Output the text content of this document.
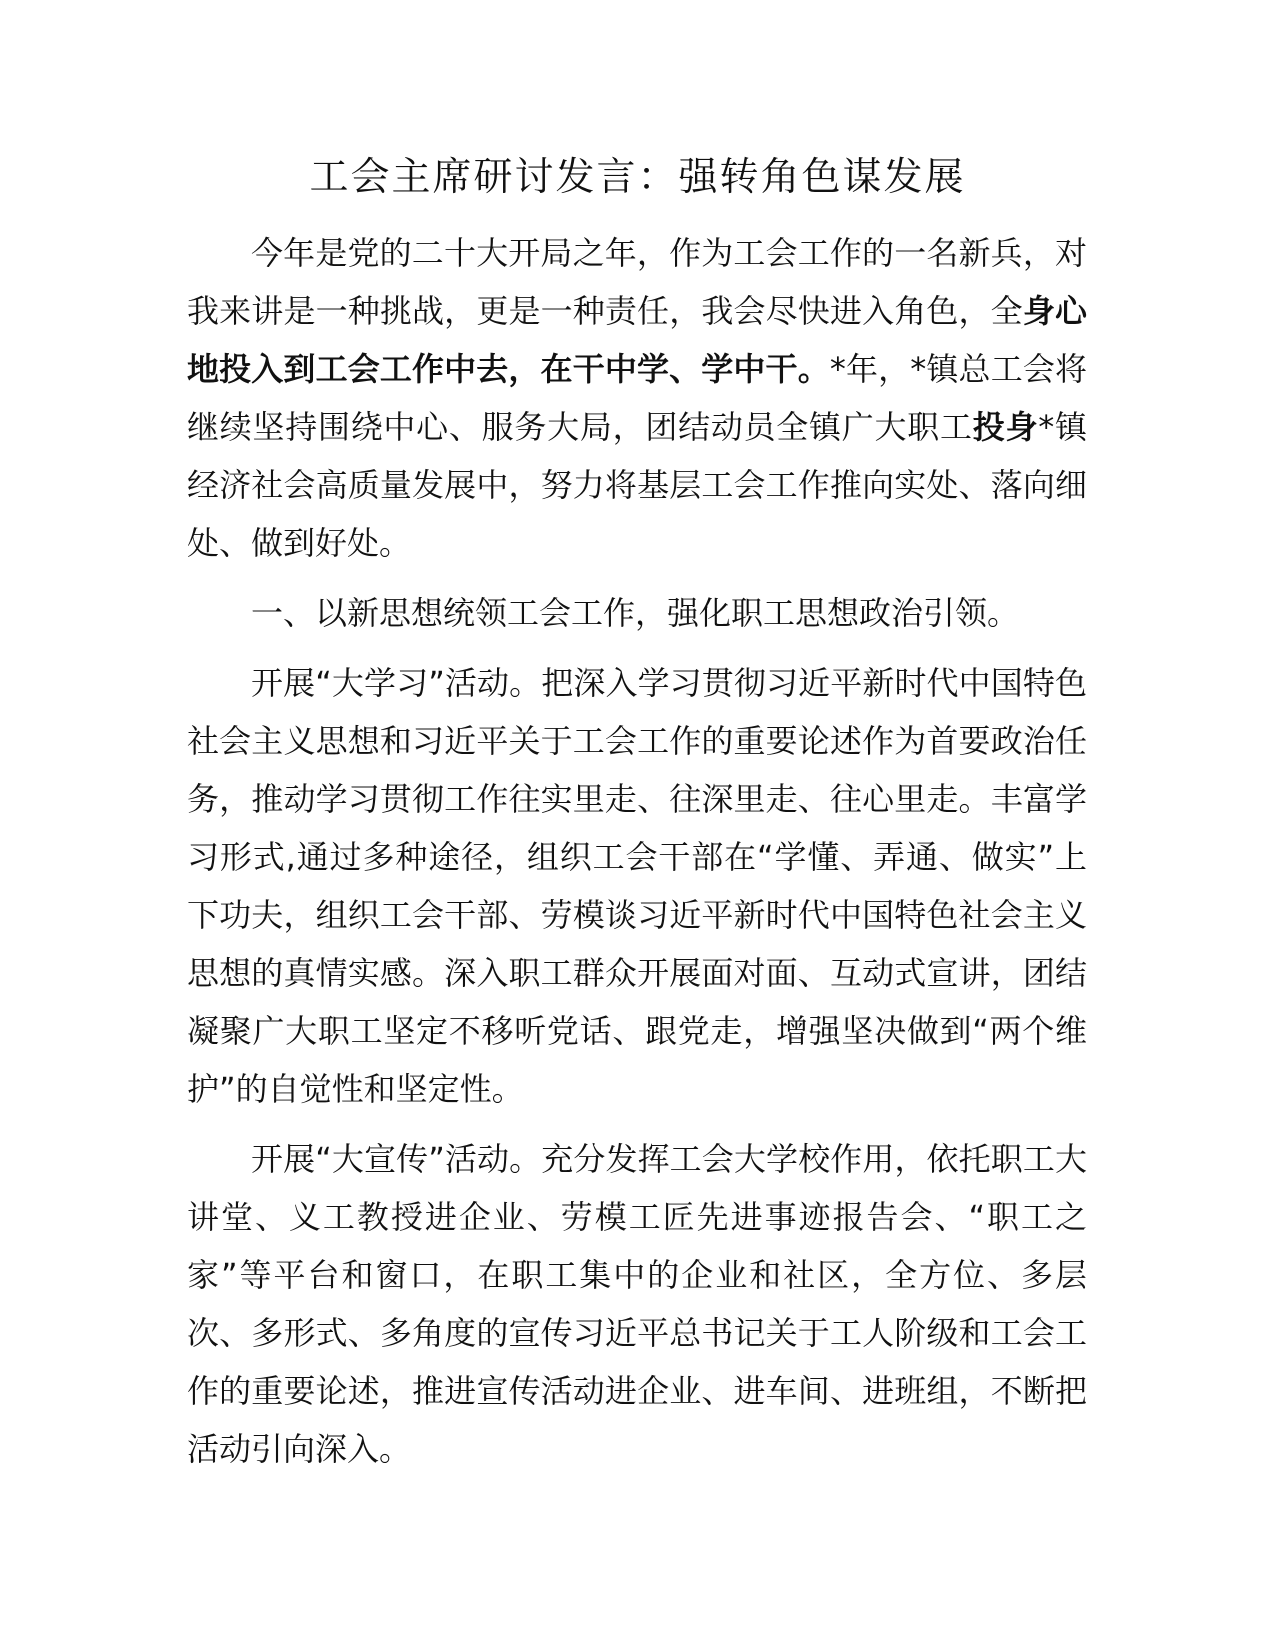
工会主席研讨发言：强转角色谋发展

今年是党的二十大开局之年，作为工会工作的一名新兵，对我来讲是一种挑战，更是一种责任，我会尽快进入角色，全身心地投入到工会工作中去，在干中学、学中干。*年，*镇总工会将继续坚持围绕中心、服务大局，团结动员全镇广大职工投身*镇经济社会高质量发展中，努力将基层工会工作推向实处、落向细处、做到好处。

一、以新思想统领工会工作，强化职工思想政治引领。

开展“大学习”活动。把深入学习贯彻习近平新时代中国特色社会主义思想和习近平关于工会工作的重要论述作为首要政治任务，推动学习贯彻工作往实里走、往深里走、往心里走。丰富学习形式,通过多种途径，组织工会干部在“学懂、弄通、做实”上下功夫，组织工会干部、劳模谈习近平新时代中国特色社会主义思想的真情实感。深入职工群众开展面对面、互动式宣讲，团结凝聚广大职工坚定不移听党话、跟党走，增强坚决做到“两个维护”的自觉性和坚定性。

开展“大宣传”活动。充分发挥工会大学校作用，依托职工大讲堂、义工教授进企业、劳模工匠先进事迹报告会、“职工之家”等平台和窗口，在职工集中的企业和社区，全方位、多层次、多形式、多角度的宣传习近平总书记关于工人阶级和工会工作的重要论述，推进宣传活动进企业、进车间、进班组，不断把活动引向深入。
